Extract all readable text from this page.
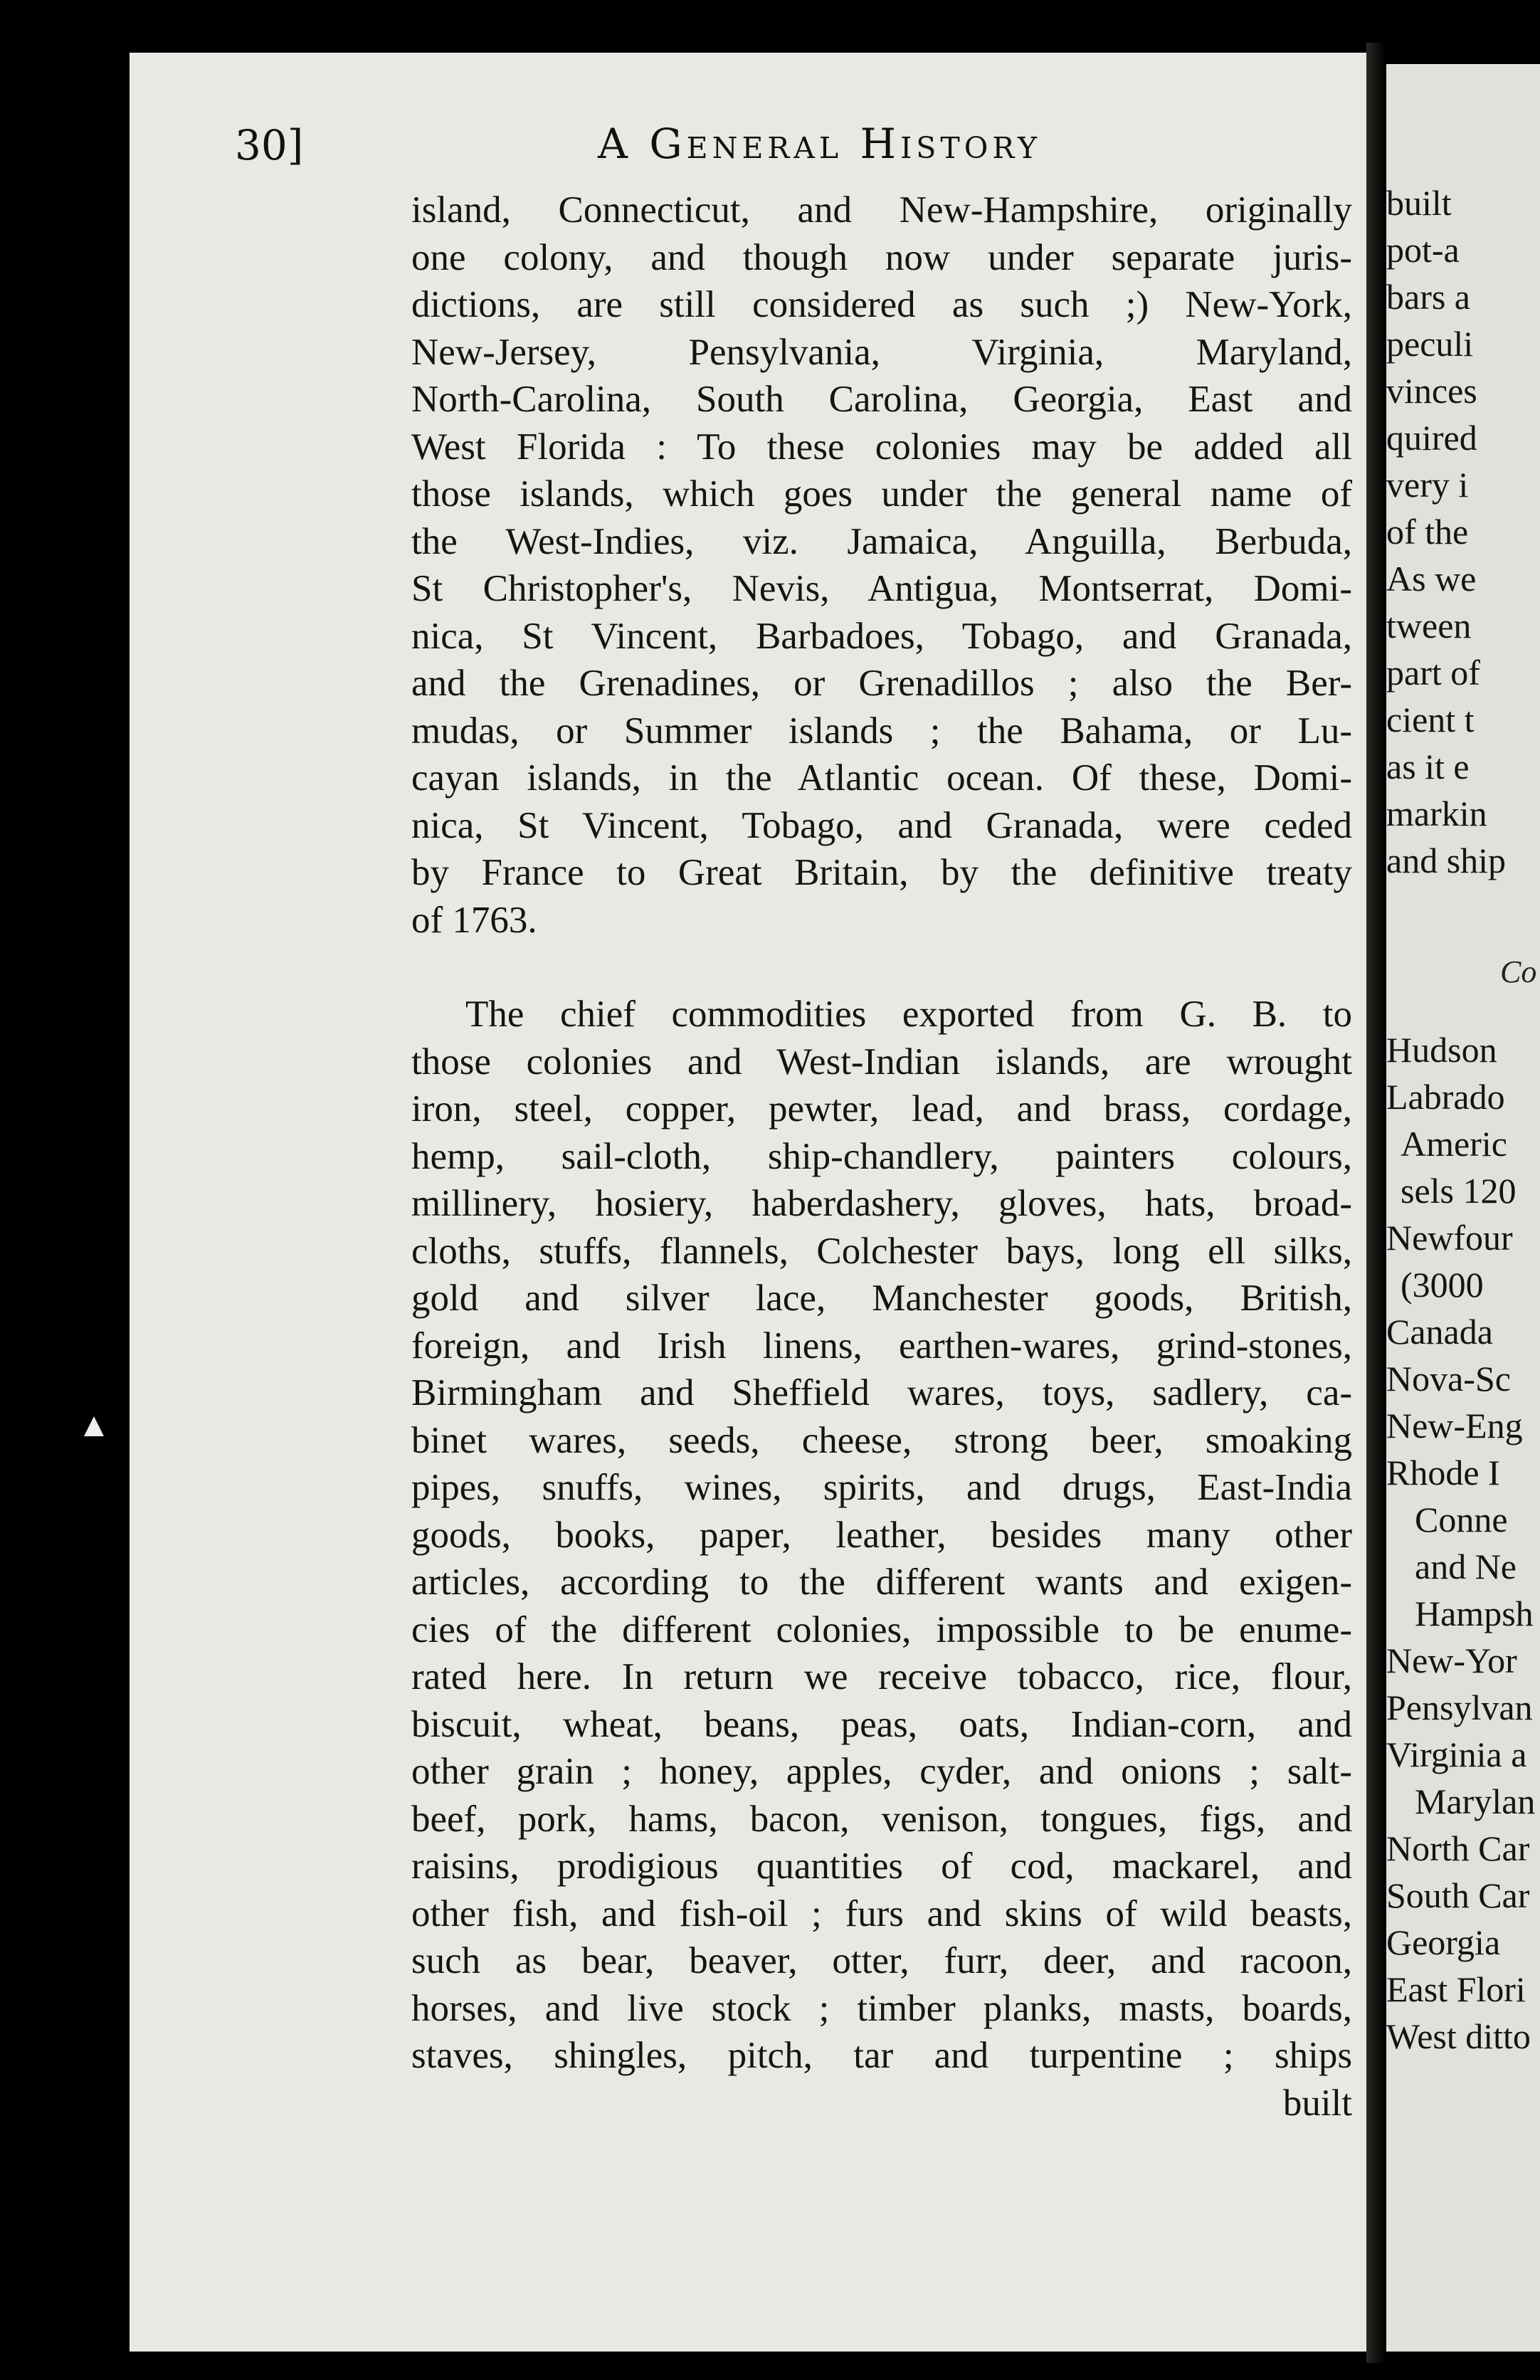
built
pot-a
bars a
peculi
vinces
quired
very i
of the
As we
tween
part of
cient t
as it e
markin
and ship
Co
Hudson
Labrado
Americ
sels 120
Newfour
(3000
Canada
Nova-Sc
New-Eng
Rhode I
Conne
and Ne
Hampsh
New-Yor
Pensylvan
Virginia a
Marylan
North Car
South Car
Georgia
East Flori
West ditto
30]	A General History
island, Connecticut, and New-Hampshire, originally
one colony, and though now under separate juris-
dictions, are still considered as such ;) New-York,
New-Jersey, Pensylvania, Virginia, Maryland,
North-Carolina, South Carolina, Georgia, East and
West Florida : To these colonies may be added all
those islands, which goes under the general name of
the West-Indies, viz. Jamaica, Anguilla, Berbuda,
St Christopher's, Nevis, Antigua, Montserrat, Domi-
nica, St Vincent, Barbadoes, Tobago, and Granada,
and the Grenadines, or Grenadillos ; also the Ber-
mudas, or Summer islands ; the Bahama, or Lu-
cayan islands, in the Atlantic ocean. Of these, Domi-
nica, St Vincent, Tobago, and Granada, were ceded
by France to Great Britain, by the definitive treaty
of 1763.
The chief commodities exported from G. B. to
those colonies and West-Indian islands, are wrought
iron, steel, copper, pewter, lead, and brass, cordage,
hemp, sail-cloth, ship-chandlery, painters colours,
millinery, hosiery, haberdashery, gloves, hats, broad-
cloths, stuffs, flannels, Colchester bays, long ell silks,
gold and silver lace, Manchester goods, British,
foreign, and Irish linens, earthen-wares, grind-stones,
Birmingham and Sheffield wares, toys, sadlery, ca-
binet wares, seeds, cheese, strong beer, smoaking
pipes, snuffs, wines, spirits, and drugs, East-India
goods, books, paper, leather, besides many other
articles, according to the different wants and exigen-
cies of the different colonies, impossible to be enume-
rated here. In return we receive tobacco, rice, flour,
biscuit, wheat, beans, peas, oats, Indian-corn, and
other grain ; honey, apples, cyder, and onions ; salt-
beef, pork, hams, bacon, venison, tongues, figs, and
raisins, prodigious quantities of cod, mackarel, and
other fish, and fish-oil ; furs and skins of wild beasts,
such as bear, beaver, otter, furr, deer, and racoon,
horses, and live stock ; timber planks, masts, boards,
staves, shingles, pitch, tar and turpentine ; ships
built
